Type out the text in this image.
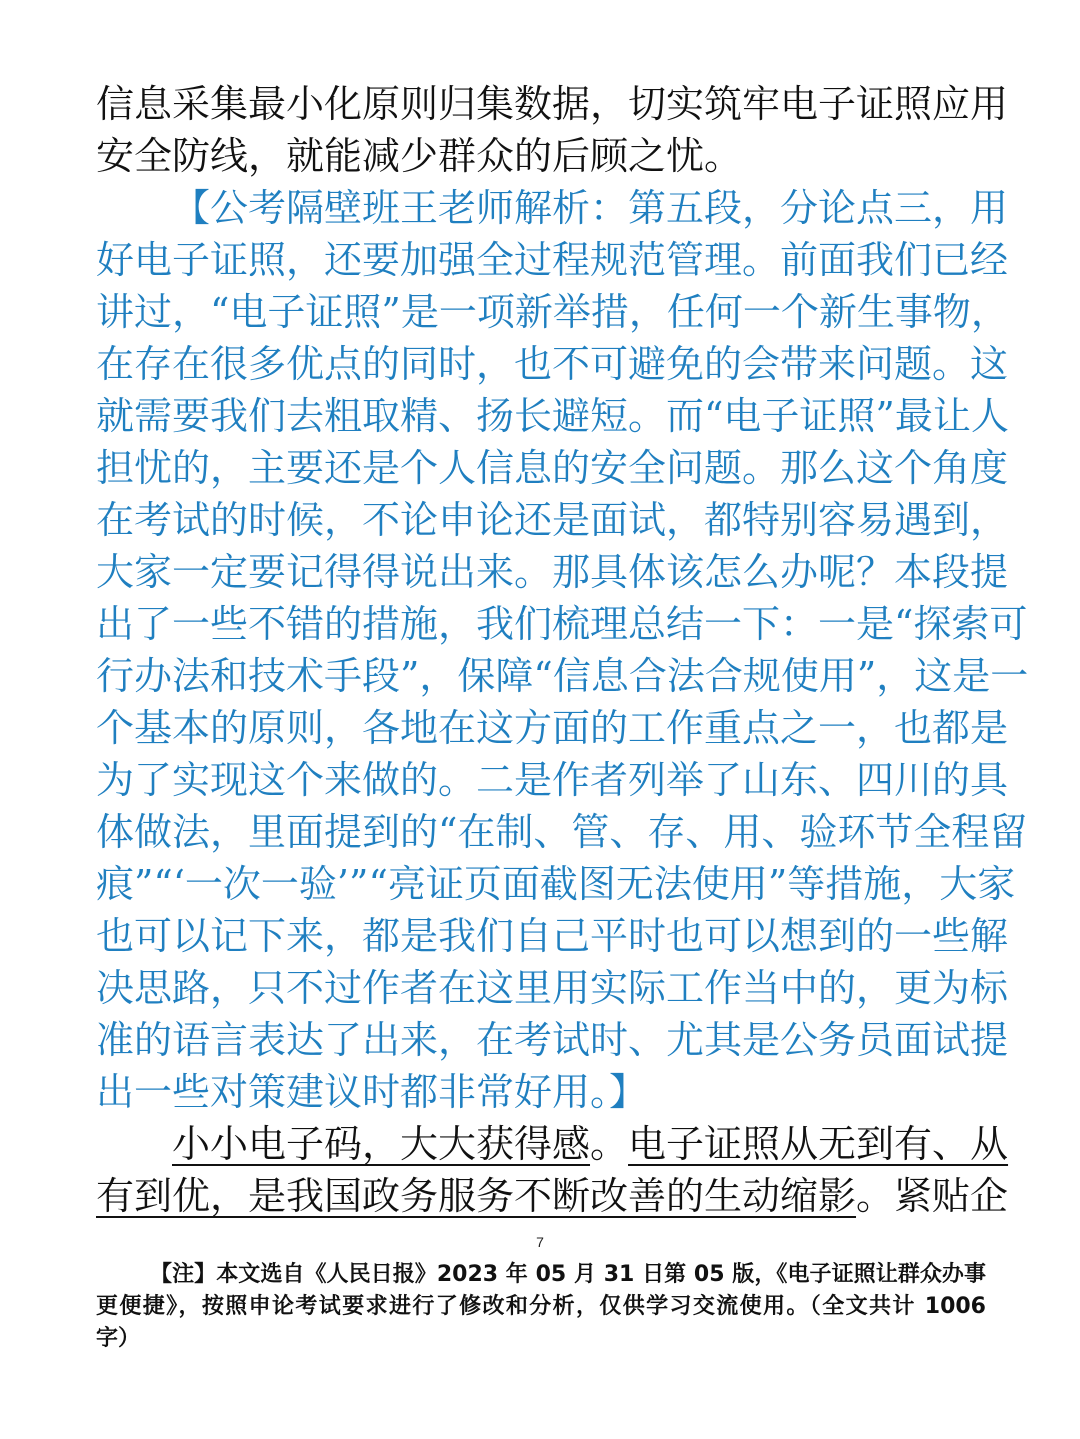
信息采集最小化原则归集数据，切实筑牢电子证照应用
安全防线，就能减少群众的后顾之忧。
【公考隔壁班王老师解析：第五段，分论点三，用
好电子证照，还要加强全过程规范管理。前面我们已经
讲过，“电子证照”是一项新举措，任何一个新生事物，
在存在很多优点的同时，也不可避免的会带来问题。这
就需要我们去粗取精、扬长避短。而“电子证照”最让人
担忧的，主要还是个人信息的安全问题。那么这个角度
在考试的时候，不论申论还是面试，都特别容易遇到，
大家一定要记得得说出来。那具体该怎么办呢？本段提
出了一些不错的措施，我们梳理总结一下：一是“探索可
行办法和技术手段”，保障“信息合法合规使用”，这是一
个基本的原则，各地在这方面的工作重点之一，也都是
为了实现这个来做的。二是作者列举了山东、四川的具
体做法，里面提到的“在制、管、存、用、验环节全程留
痕”“‘一次一验’”“亮证页面截图无法使用”等措施，大家
也可以记下来，都是我们自己平时也可以想到的一些解
决思路，只不过作者在这里用实际工作当中的，更为标
准的语言表达了出来，在考试时、尤其是公务员面试提
出一些对策建议时都非常好用。】
小小电子码，大大获得感 。 电子证照从无到有、从
有到优，是我国政务服务不断改善的生动缩影 。紧贴企
7
【注】本文选自《人民日报》2023 年 05 月 31 日第 05 版，《电子证照让群众办事
更便捷》，按照申论考试要求进行了修改和分析，仅供学习交流使用。（全文共计 1006
字）
